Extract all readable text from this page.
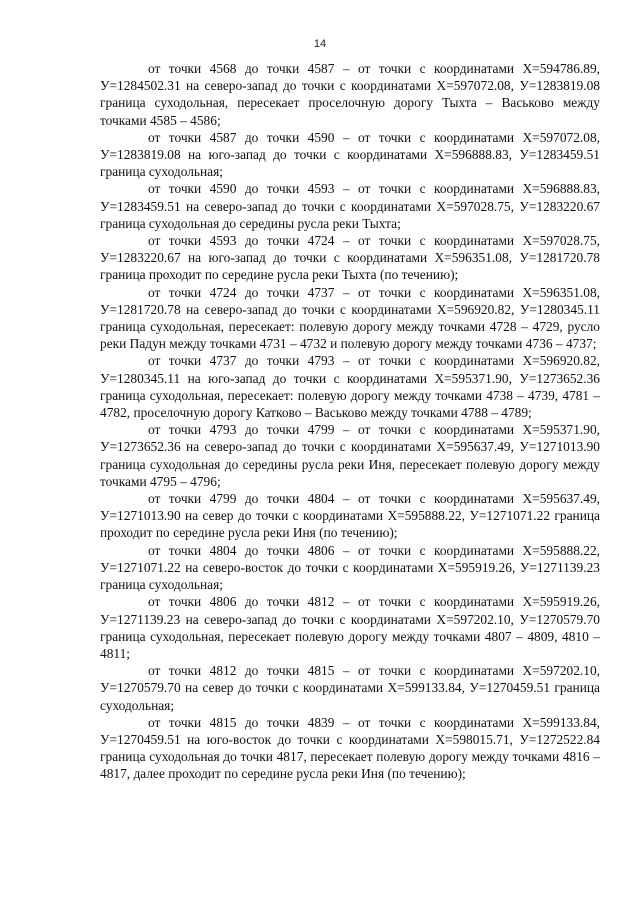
14

от точки 4568 до точки 4587 – от точки с координатами Х=594786.89, У=1284502.31 на северо-запад до точки с координатами Х=597072.08, У=1283819.08 граница суходольная, пересекает проселочную дорогу Тыхта – Васьково между точками 4585 – 4586;

от точки 4587 до точки 4590 – от точки с координатами Х=597072.08, У=1283819.08 на юго-запад до точки с координатами Х=596888.83, У=1283459.51 граница суходольная;

от точки 4590 до точки 4593 – от точки с координатами Х=596888.83, У=1283459.51 на северо-запад до точки с координатами Х=597028.75, У=1283220.67 граница суходольная до середины русла реки Тыхта;

от точки 4593 до точки 4724 – от точки с координатами Х=597028.75, У=1283220.67 на юго-запад до точки с координатами Х=596351.08, У=1281720.78 граница проходит по середине русла реки Тыхта (по течению);

от точки 4724 до точки 4737 – от точки с координатами Х=596351.08, У=1281720.78 на северо-запад до точки с координатами Х=596920.82, У=1280345.11 граница суходольная, пересекает: полевую дорогу между точками 4728 – 4729, русло реки Падун между точками 4731 – 4732 и полевую дорогу между точками 4736 – 4737;

от точки 4737 до точки 4793 – от точки с координатами Х=596920.82, У=1280345.11 на юго-запад до точки с координатами Х=595371.90, У=1273652.36 граница суходольная, пересекает: полевую дорогу между точками 4738 – 4739, 4781 – 4782, проселочную дорогу Катково – Васьково между точками 4788 – 4789;

от точки 4793 до точки 4799 – от точки с координатами Х=595371.90, У=1273652.36 на северо-запад до точки с координатами Х=595637.49, У=1271013.90 граница суходольная до середины русла реки Иня, пересекает полевую дорогу между точками 4795 – 4796;

от точки 4799 до точки 4804 – от точки с координатами Х=595637.49, У=1271013.90 на север до точки с координатами Х=595888.22, У=1271071.22 граница проходит по середине русла реки Иня (по течению);

от точки 4804 до точки 4806 – от точки с координатами Х=595888.22, У=1271071.22 на северо-восток до точки с координатами Х=595919.26, У=1271139.23 граница суходольная;

от точки 4806 до точки 4812 – от точки с координатами Х=595919.26, У=1271139.23 на северо-запад до точки с координатами Х=597202.10, У=1270579.70 граница суходольная, пересекает полевую дорогу между точками 4807 – 4809, 4810 – 4811;

от точки 4812 до точки 4815 – от точки с координатами Х=597202.10, У=1270579.70 на север до точки с координатами Х=599133.84, У=1270459.51 граница суходольная;

от точки 4815 до точки 4839 – от точки с координатами Х=599133.84, У=1270459.51 на юго-восток до точки с координатами Х=598015.71, У=1272522.84 граница суходольная до точки 4817, пересекает полевую дорогу между точками 4816 – 4817, далее проходит по середине русла реки Иня (по течению);
